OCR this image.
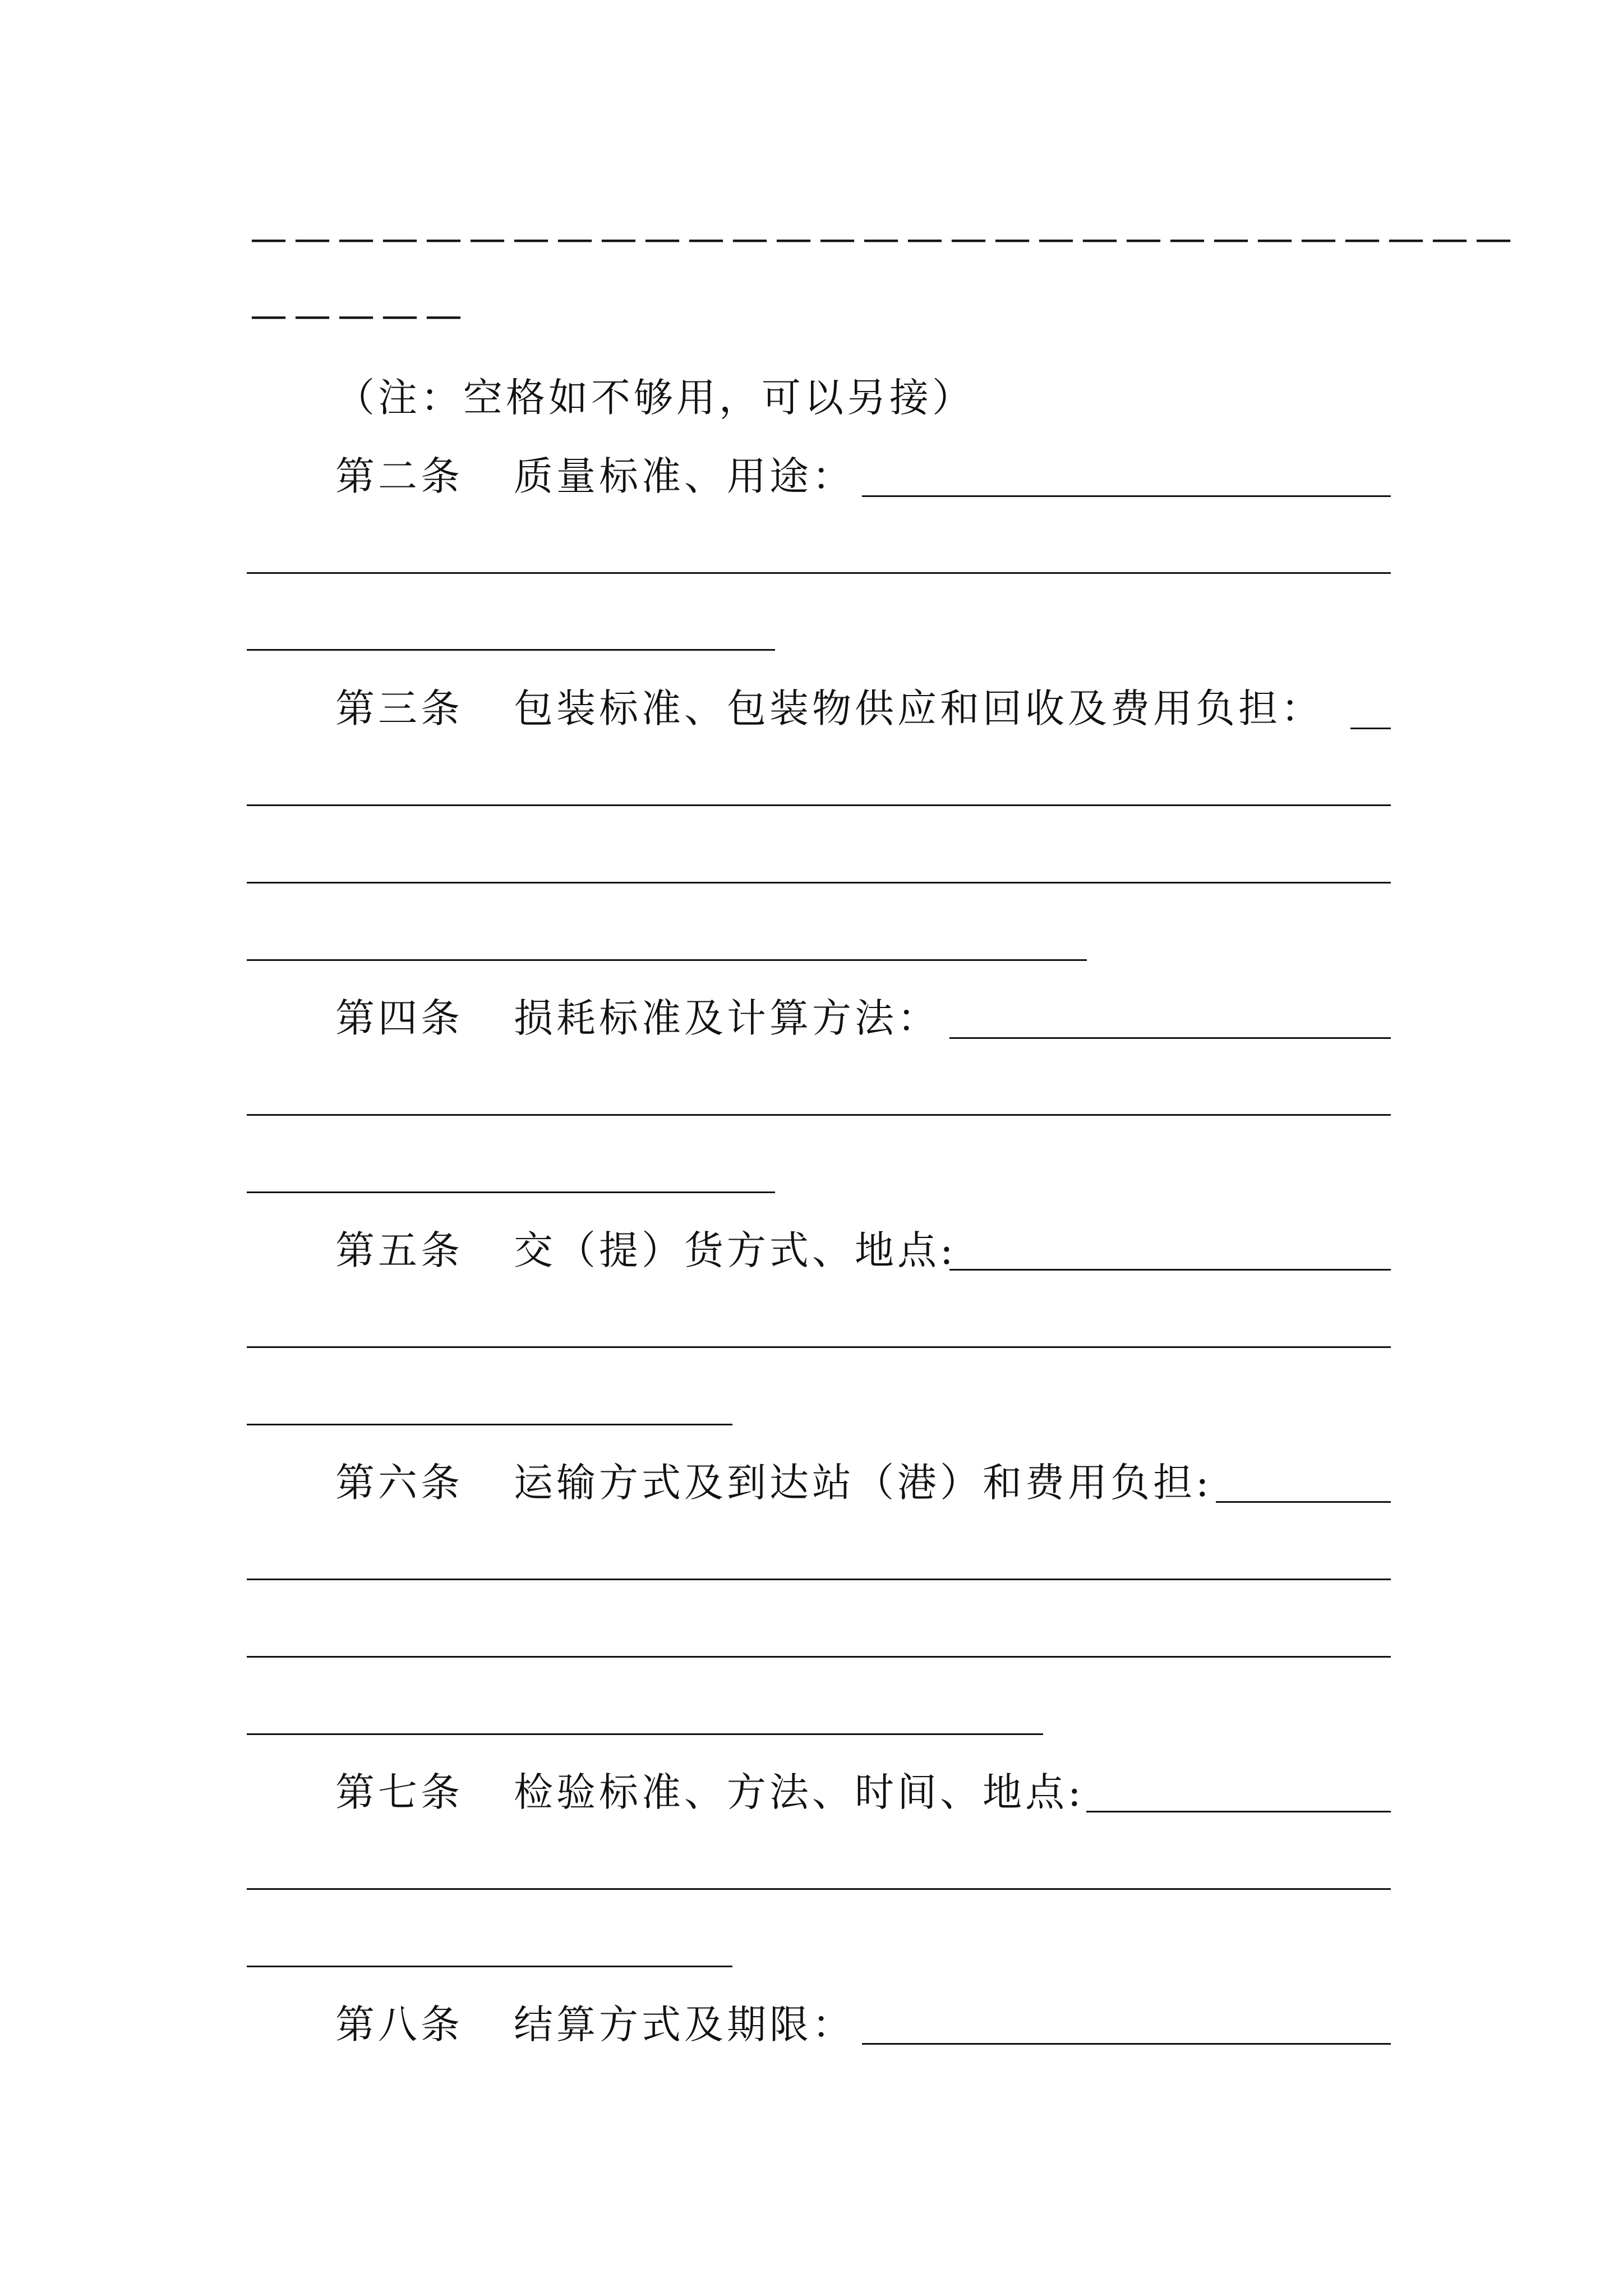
— — — — — — — — — — — — — — — — — — — — — — — — — — — — —
— — — — —
（注：空格如不够用，可以另接）
第二条 质量标准、用途：
第三条 包装标准、包装物供应和回收及费用负担：
第四条 损耗标准及计算方法：
第五条 交（提）货方式、地点:
第六条 运输方式及到达站（港）和费用负担:
第七条 检验标准、方法、时间、地点:
第八条 结算方式及期限：
